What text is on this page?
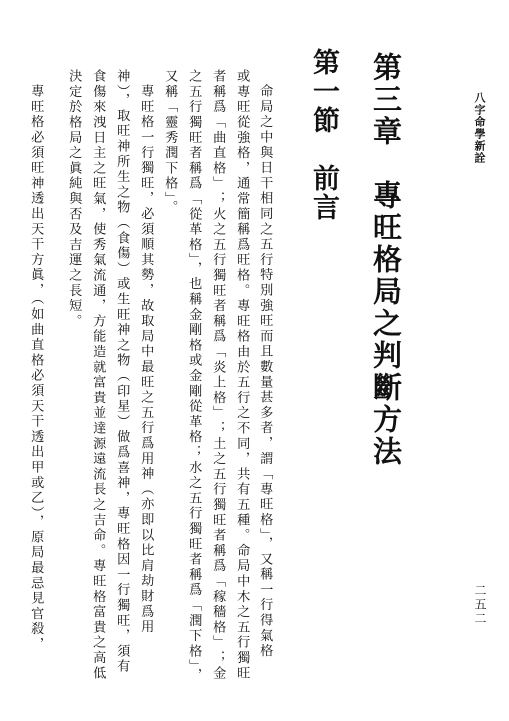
八字命學新詮
二五二
第三章　專旺格局之判斷方法
第一節　前言
命局之中與日干相同之五行特別強旺而且數量甚多者，謂「專旺格」，又稱一行得氣格
或專旺從強格，通常簡稱爲旺格。專旺格由於五行之不同，共有五種。命局中木之五行獨旺
者稱爲「曲直格」；火之五行獨旺者稱爲「炎上格」；土之五行獨旺者稱爲「稼穡格」；金
之五行獨旺者稱爲「從革格」，也稱金剛格或金剛從革格；水之五行獨旺者稱爲「潤下格」，
又稱「靈秀潤下格」。
專旺格一行獨旺，必須順其勢，故取局中最旺之五行爲用神（亦即以比肩劫財爲用
神），取旺神所生之物（食傷）或生旺神之物（印星）做爲喜神，專旺格因一行獨旺，須有
食傷來洩日主之旺氣，使秀氣流通，方能造就富貴並達源遠流長之吉命。專旺格富貴之高低
決定於格局之眞純與否及吉運之長短。
專旺格必須旺神透出天干方眞，（如曲直格必須天干透出甲或乙），原局最忌見官殺，
